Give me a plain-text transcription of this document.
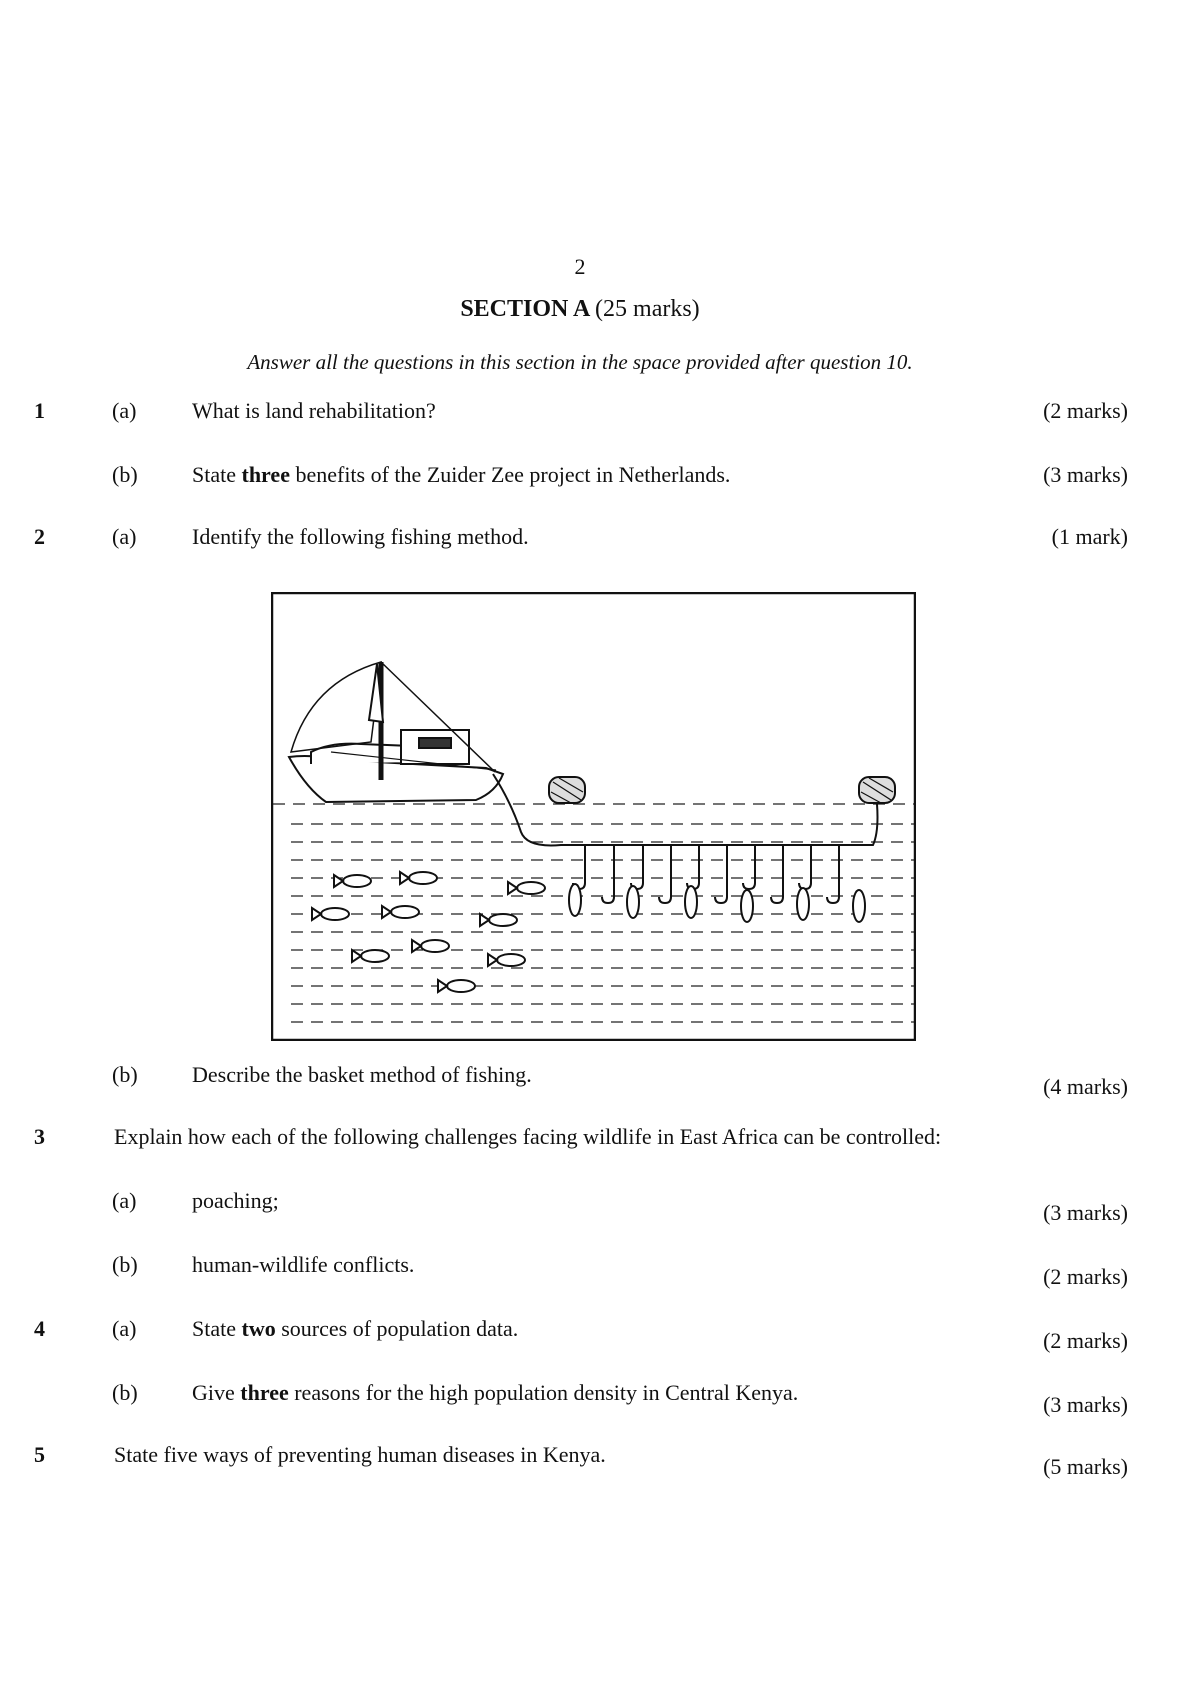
2
SECTION A (25 marks)
Answer all the questions in this section in the space provided after question 10.
1	(a)	What is land rehabilitation?	(2 marks)
(b) State three benefits of the Zuider Zee project in Netherlands.	(3 marks)
2	(a)	Identify the following fishing method.	(1 mark)
(b) Describe the basket method of fishing.	(4 marks)
3	Explain how each of the following challenges facing wildlife in East Africa can be controlled:
(a)	poaching;	(3 marks)
(b) human-wildlife conflicts.	(2 marks)
4	(a)	State two sources of population data.	(2 marks)
(b) Give three reasons for the high population density in Central Kenya.	(3 marks)
5	State five ways of preventing human diseases in Kenya.	(5 marks)
